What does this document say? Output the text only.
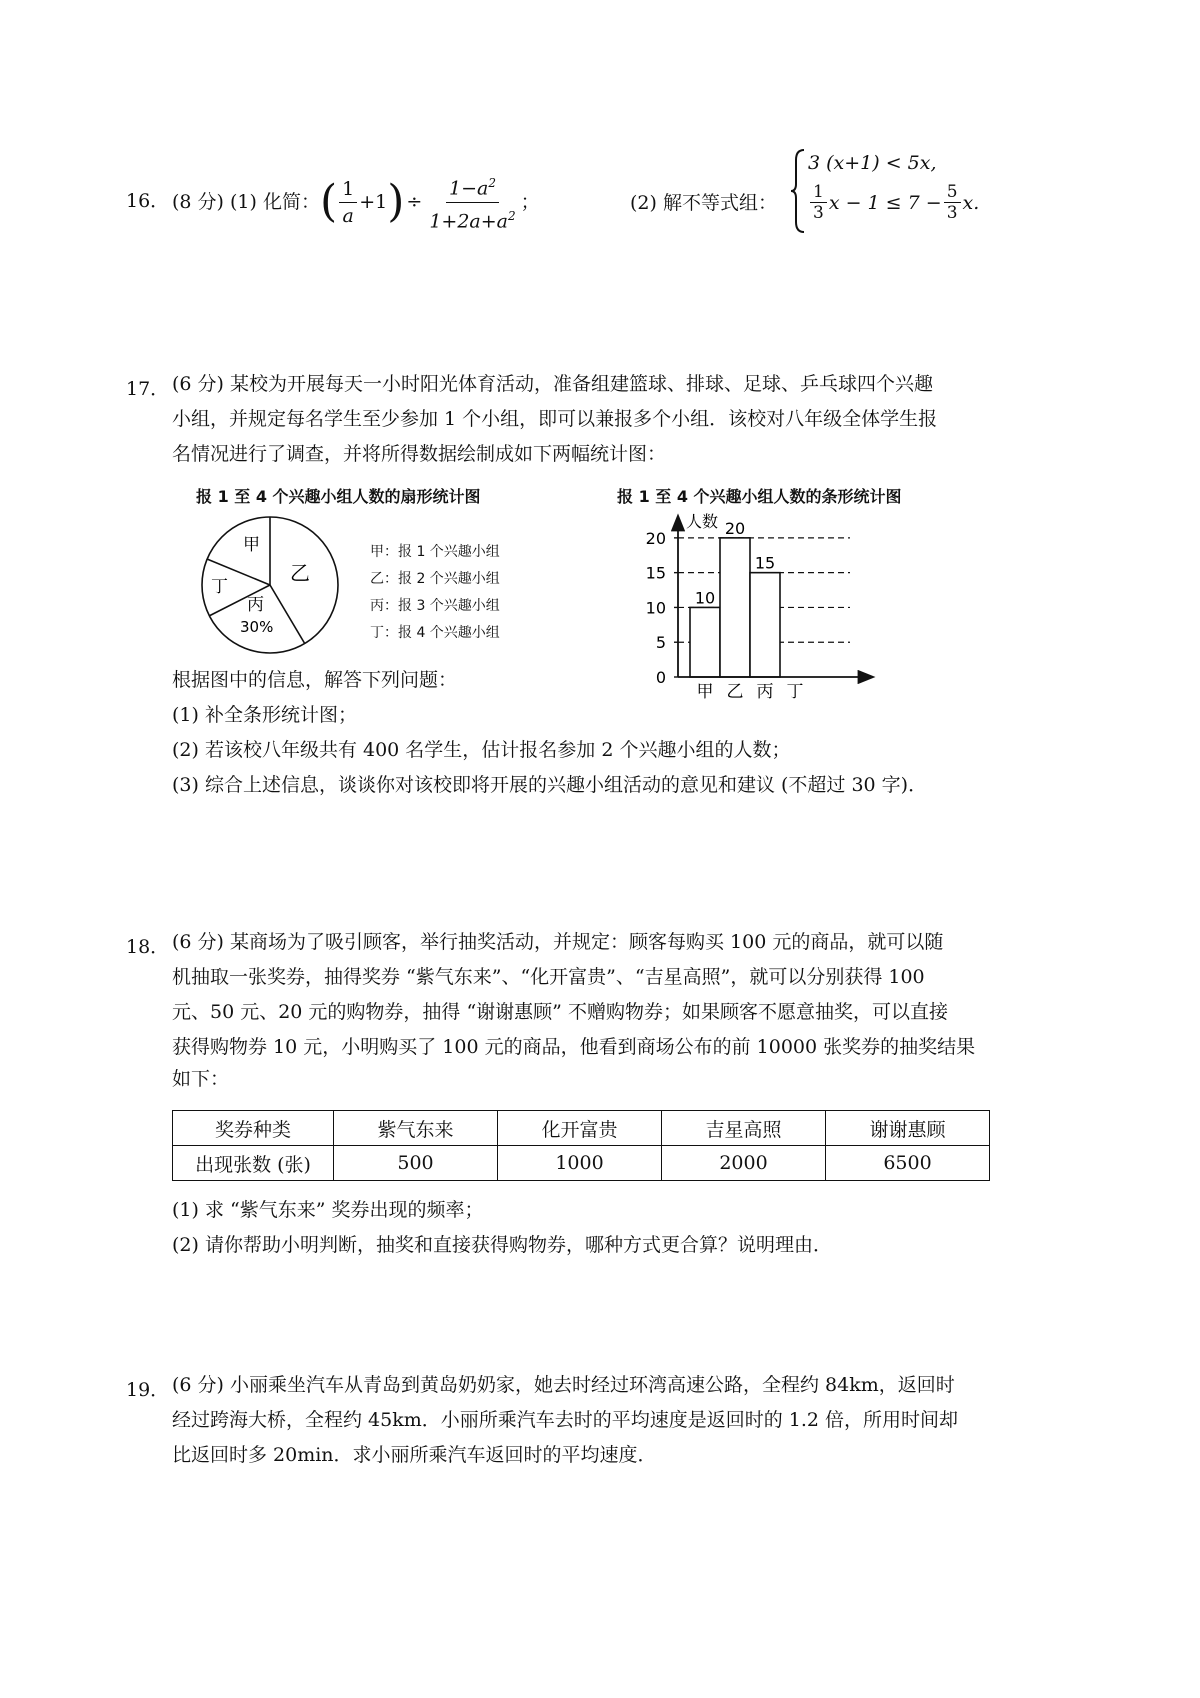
16． (8 分) (1) 化简： ( $\frac{1}{a} +1$ ) ÷ $\frac{1-a^2}{1+2a+a^2}$ ；	(2) 解不等式组：
3 (x+1) < 5x,
$\frac{1}{3}$ $x - 1 \le 7 - \frac{5}{3} x$.
17． (6 分) 某校为开展每天一小时阳光体育活动，准备组建篮球、排球、足球、乒乓球四个兴趣
小组，并规定每名学生至少参加 1 个小组，即可以兼报多个小组．该校对八年级全体学生报
名情况进行了调查，并将所得数据绘制成如下两幅统计图：
报 1 至 4 个兴趣小组人数的扇形统计图
甲
乙
丙
30%
丁
甲：报 1 个兴趣小组
乙：报 2 个兴趣小组
丙：报 3 个兴趣小组
丁：报 4 个兴趣小组
报 1 至 4 个兴趣小组人数的条形统计图
0
5
10
15
20
10
20
15
甲 乙 丙 丁
人数
根据图中的信息，解答下列问题：
(1) 补全条形统计图；
(2) 若该校八年级共有 400 名学生，估计报名参加 2 个兴趣小组的人数；
(3) 综合上述信息，谈谈你对该校即将开展的兴趣小组活动的意见和建议 (不超过 30 字)．
18． (6 分) 某商场为了吸引顾客，举行抽奖活动，并规定：顾客每购买 100 元的商品，就可以随
机抽取一张奖券，抽得奖券 “紫气东来”、“化开富贵”、“吉星高照”，就可以分别获得 100
元、50 元、20 元的购物券，抽得 “谢谢惠顾” 不赠购物券；如果顾客不愿意抽奖，可以直接
获得购物券 10 元，小明购买了 100 元的商品，他看到商场公布的前 10000 张奖券的抽奖结果
如下：
奖券种类	紫气东来	化开富贵	吉星高照	谢谢惠顾
出现张数 (张)	500	1000	2000	6500
(1) 求 “紫气东来” 奖券出现的频率；
(2) 请你帮助小明判断，抽奖和直接获得购物券，哪种方式更合算？说明理由．
19． (6 分) 小丽乘坐汽车从青岛到黄岛奶奶家，她去时经过环湾高速公路，全程约 84km，返回时
经过跨海大桥，全程约 45km．小丽所乘汽车去时的平均速度是返回时的 1.2 倍，所用时间却
比返回时多 20min．求小丽所乘汽车返回时的平均速度．
